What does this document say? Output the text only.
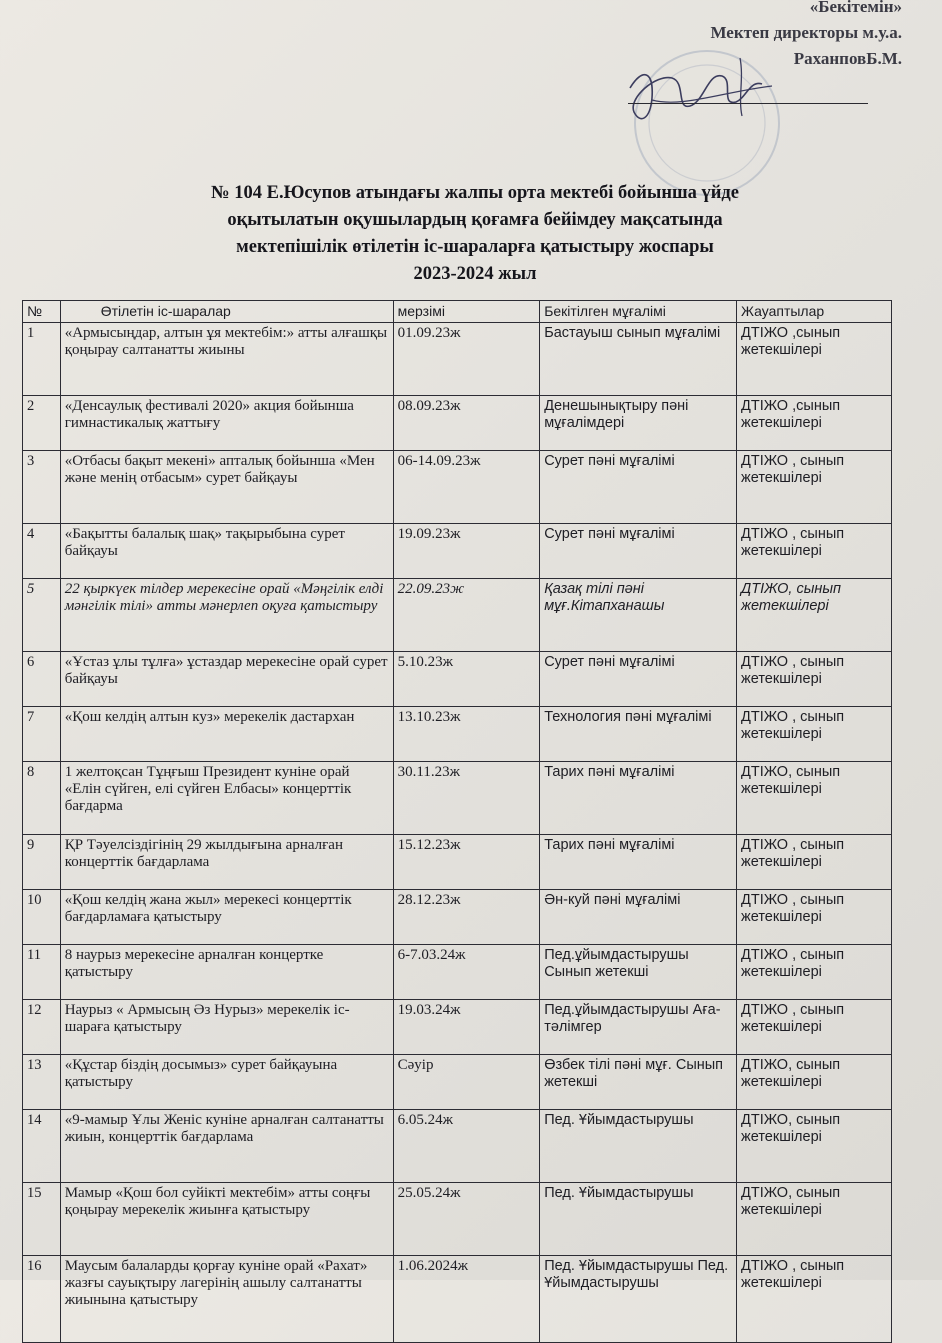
«Бекітемін»
Мектеп директоры м.у.а.
РаханповБ.М.
№ 104 Е.Юсупов атындағы жалпы орта мектебі бойынша үйде
оқытылатын оқушылардың қоғамға бейімдеу мақсатында
мектепішілік өтілетін іс-шараларға қатыстыру жоспары
2023-2024 жыл
№	Өтілетін іс-шаралар	мерзімі	Бекітілген мұғалімі	Жауаптылар
1	«Армысыңдар, алтын ұя мектебім:» атты алғашқы қоңырау салтанатты жиыны	01.09.23ж	Бастауыш сынып мұғалімі	ДТІЖО ,сынып жетекшілері
2	«Денсаулық фестивалі 2020» акция бойынша гимнастикалық жаттығу	08.09.23ж	Денешынықтыру пәні мұғалімдері	ДТІЖО ,сынып жетекшілері
3	«Отбасы бақыт мекені» апталық бойынша «Мен және менің отбасым» сурет байқауы	06-14.09.23ж	Сурет пәні мұғалімі	ДТІЖО , сынып жетекшілері
4	«Бақытты балалық шақ» тақырыбына сурет байқауы	19.09.23ж	Сурет пәні мұғалімі	ДТІЖО , сынып жетекшілері
5	22 қыркүек тілдер мерекесіне орай «Мәңгілік елді мәнгілік тілі» атты мәнерлеп оқуға қатыстыру	22.09.23ж	Қазақ тілі пәні мұғ.Кітапханашы	ДТІЖО, сынып жетекшілері
6	«Ұстаз ұлы тұлға» ұстаздар мерекесіне орай сурет байқауы	5.10.23ж	Сурет пәні мұғалімі	ДТІЖО , сынып жетекшілері
7	«Қош келдің алтын куз» мерекелік дастархан	13.10.23ж	Технология пәні мұғалімі	ДТІЖО , сынып жетекшілері
8	1 желтоқсан Тұңғыш Президент куніне орай «Елін сүйген, елі сүйген Елбасы» концерттік бағдарма	30.11.23ж	Тарих пәні мұғалімі	ДТІЖО, сынып жетекшілері
9	ҚР Тәуелсіздігінің 29 жылдығына арналған концерттік бағдарлама	15.12.23ж	Тарих пәні мұғалімі	ДТІЖО , сынып жетекшілері
10	«Қош келдің жана жыл» мерекесі концерттік бағдарламаға қатыстыру	28.12.23ж	Ән-куй пәні мұғалімі	ДТІЖО , сынып жетекшілері
11	8 наурыз мерекесіне арналған концертке қатыстыру	6-7.03.24ж	Пед.ұйымдастырушы Сынып жетекші	ДТІЖО , сынып жетекшілері
12	Наурыз « Армысың Әз Нурыз» мерекелік іс-шараға қатыстыру	19.03.24ж	Пед.ұйымдастырушы Аға-тәлімгер	ДТІЖО , сынып жетекшілері
13	«Құстар біздің досымыз» сурет байқауына қатыстыру	Сәуір	Өзбек тілі пәні мұғ. Сынып жетекші	ДТІЖО, сынып жетекшілері
14	«9-мамыр Ұлы Женіс куніне арналған салтанатты жиын, концерттік бағдарлама	6.05.24ж	Пед. Ұйымдастырушы	ДТІЖО, сынып жетекшілері
15	Мамыр «Қош бол суйікті мектебім» атты соңғы қоңырау мерекелік жиынға қатыстыру	25.05.24ж	Пед. Ұйымдастырушы	ДТІЖО, сынып жетекшілері
16	Маусым балаларды қорғау куніне орай «Рахат» жазғы сауықтыру лагерінің ашылу салтанатты жиынына қатыстыру	1.06.2024ж	Пед. Ұйымдастырушы Пед. Ұйымдастырушы	ДТІЖО , сынып жетекшілері
